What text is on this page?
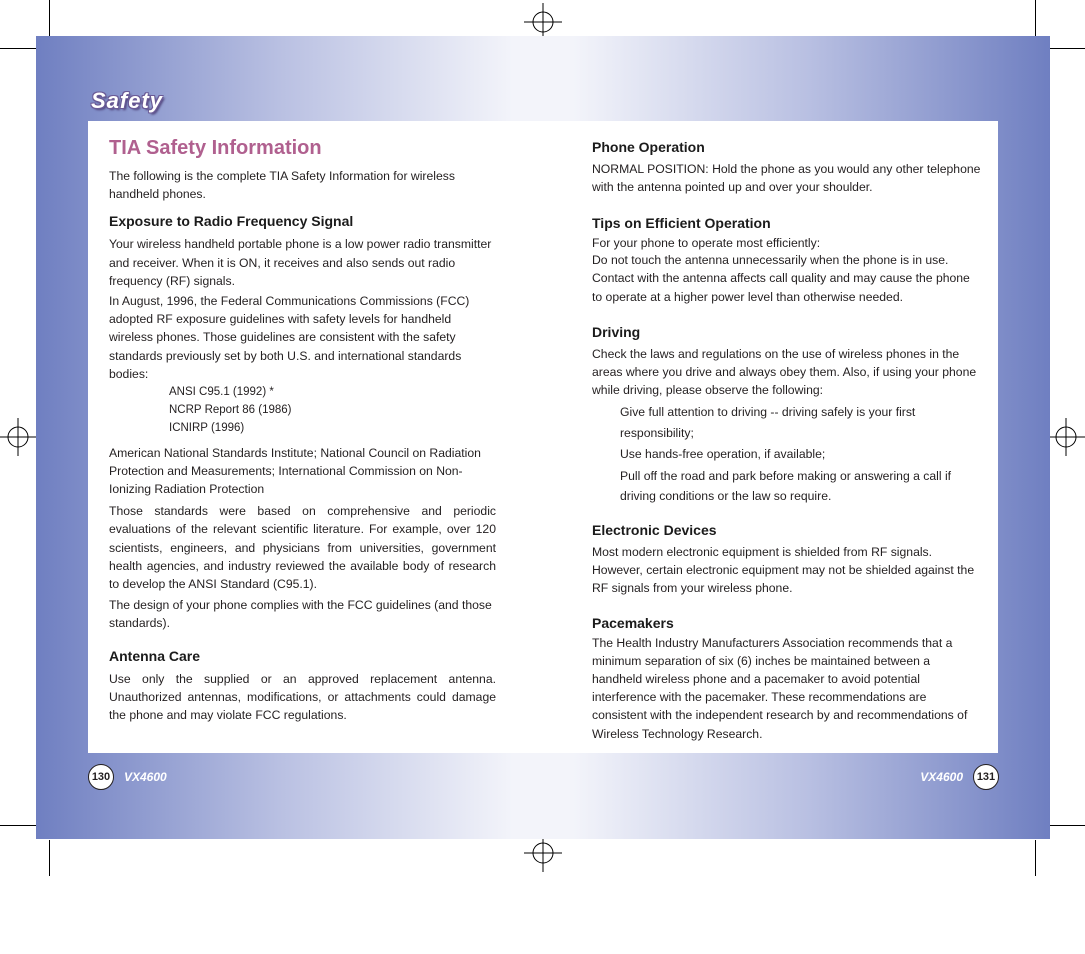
Safety
TIA Safety Information

The following is the complete TIA Safety Information for wireless handheld phones.

Exposure to Radio Frequency Signal

Your wireless handheld portable phone is a low power radio transmitter and receiver. When it is ON, it receives and also sends out radio frequency (RF) signals.

In August, 1996, the Federal Communications Commissions (FCC) adopted RF exposure guidelines with safety levels for handheld wireless phones. Those guidelines are consistent with the safety standards previously set by both U.S. and international standards bodies:

ANSI C95.1 (1992) *
NCRP Report 86 (1986)
ICNIRP (1996)

American National Standards Institute; National Council on Radiation Protection and Measurements; International Commission on Non-Ionizing Radiation Protection

Those standards were based on comprehensive and periodic evaluations of the relevant scientific literature. For example, over 120 scientists, engineers, and physicians from universities, government health agencies, and industry reviewed the available body of research to develop the ANSI Standard (C95.1).

The design of your phone complies with the FCC guidelines (and those standards).

Antenna Care

Use only the supplied or an approved replacement antenna. Unauthorized antennas, modifications, or attachments could damage the phone and may violate FCC regulations.

Phone Operation

NORMAL POSITION: Hold the phone as you would any other telephone with the antenna pointed up and over your shoulder.

Tips on Efficient Operation

For your phone to operate most efficiently:

Do not touch the antenna unnecessarily when the phone is in use.

Contact with the antenna affects call quality and may cause the phone to operate at a higher power level than otherwise needed.

Driving

Check the laws and regulations on the use of wireless phones in the areas where you drive and always obey them. Also, if using your phone while driving, please observe the following:

Give full attention to driving -- driving safely is your first responsibility;
Use hands-free operation, if available;
Pull off the road and park before making or answering a call if driving conditions or the law so require.
Electronic Devices

Most modern electronic equipment is shielded from RF signals. However, certain electronic equipment may not be shielded against the RF signals from your wireless phone.

Pacemakers

The Health Industry Manufacturers Association recommends that a minimum separation of six (6) inches be maintained between a handheld wireless phone and a pacemaker to avoid potential interference with the pacemaker. These recommendations are consistent with the independent research by and recommendations of Wireless Technology Research.

130	VX4600	VX4600	131
